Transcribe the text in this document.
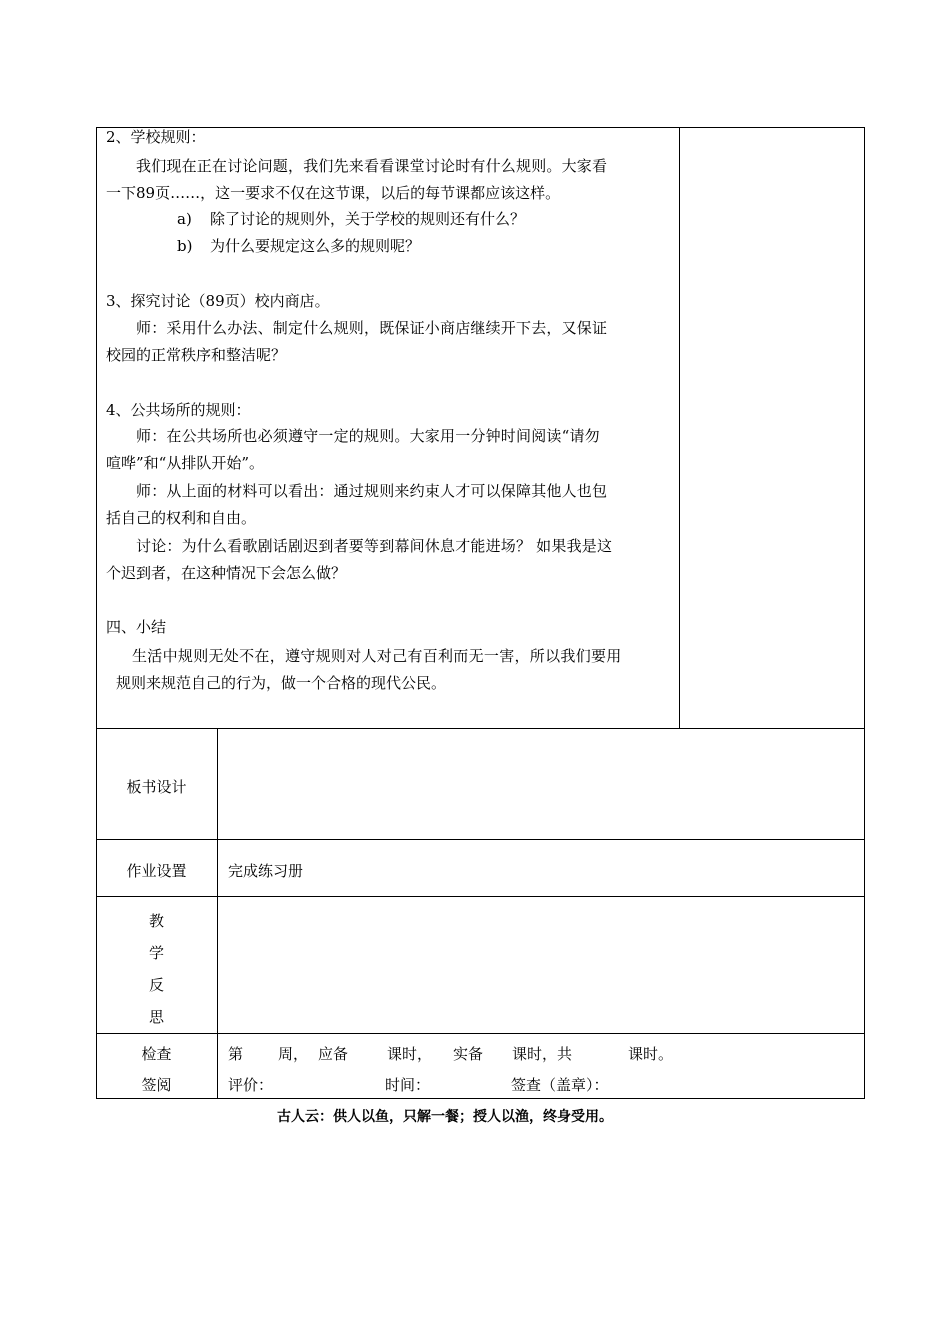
2、学校规则：
我们现在正在讨论问题，我们先来看看课堂讨论时有什么规则。大家看
一下89页……，这一要求不仅在这节课，以后的每节课都应该这样。
a) 除了讨论的规则外，关于学校的规则还有什么？
b) 为什么要规定这么多的规则呢？
3、探究讨论（89页）校内商店。
师：采用什么办法、制定什么规则，既保证小商店继续开下去，又保证
校园的正常秩序和整洁呢？
4、公共场所的规则：
师：在公共场所也必须遵守一定的规则。大家用一分钟时间阅读“请勿
喧哗”和“从排队开始”。
师：从上面的材料可以看出：通过规则来约束人才可以保障其他人也包
括自己的权利和自由。
讨论：为什么看歌剧话剧迟到者要等到幕间休息才能进场？ 如果我是这
个迟到者，在这种情况下会怎么做？
四、小结
生活中规则无处不在，遵守规则对人对己有百利而无一害，所以我们要用
规则来规范自己的行为，做一个合格的现代公民。
板书设计
作业设置	完成练习册
教
学
反
思
检查
签阅
第 周， 应备	课时， 实备 课时，共	课时。
评价：	时间：	签查（盖章）：
古人云：供人以鱼，只解一餐；授人以渔，终身受用。
